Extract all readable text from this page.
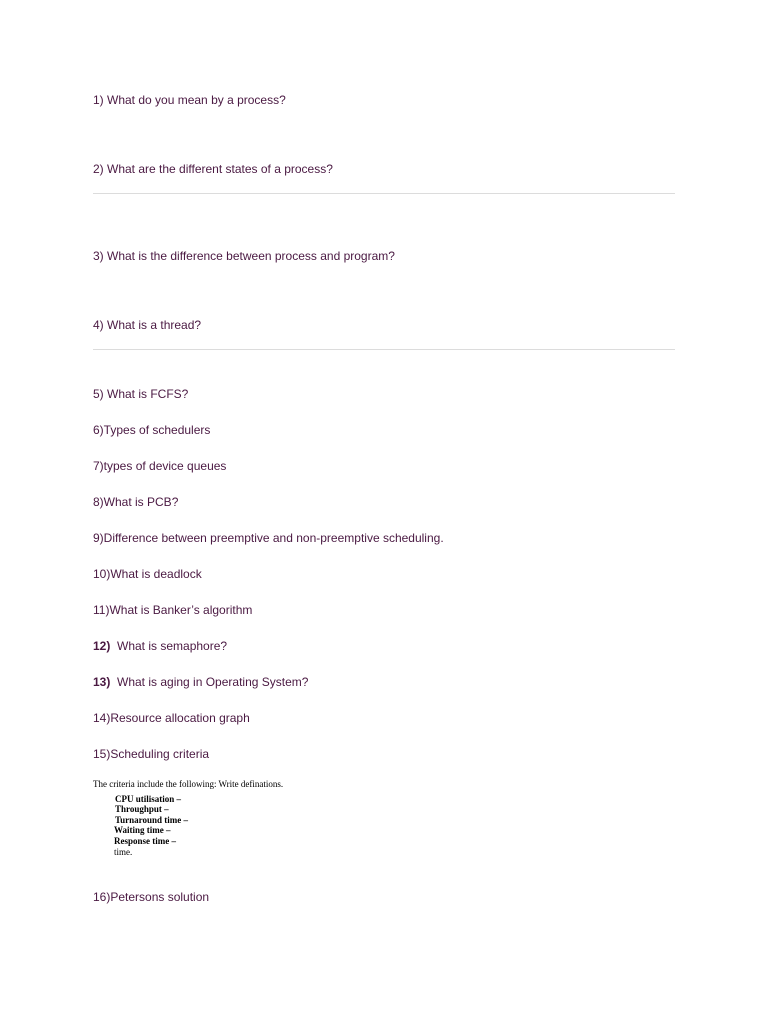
1) What do you mean by a process?
2) What are the different states of a process?
3) What is the difference between process and program?
4) What is a thread?
5) What is FCFS?
6)Types of schedulers
7)types of device queues
8)What is PCB?
9)Difference between preemptive and non-preemptive scheduling.
10)What is deadlock
11)What is Banker’s algorithm
12)  What is semaphore?
13)  What is aging in Operating System?
14)Resource allocation graph
15)Scheduling criteria
The criteria include the following: Write definations.
CPU utilisation –
Throughput –
Turnaround time –
Waiting time –
Response time –
time.
16)Petersons solution
